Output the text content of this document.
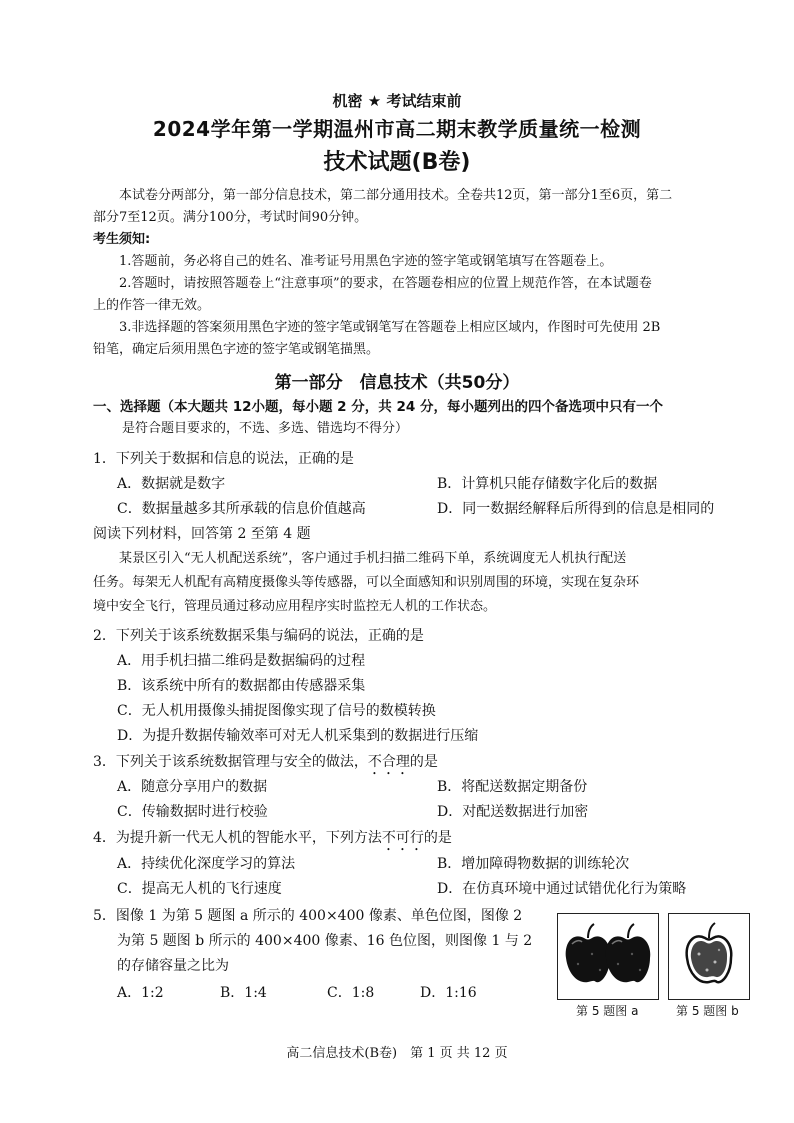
机密 ★ 考试结束前
2024学年第一学期温州市高二期末教学质量统一检测
技术试题(B卷)
本试卷分两部分，第一部分信息技术，第二部分通用技术。全卷共12页，第一部分1至6页，第二
部分7至12页。满分100分，考试时间90分钟。
考生须知:
1.答题前，务必将自己的姓名、准考证号用黑色字迹的签字笔或钢笔填写在答题卷上。
2.答题时，请按照答题卷上“注意事项”的要求，在答题卷相应的位置上规范作答，在本试题卷
上的作答一律无效。
3.非选择题的答案须用黑色字迹的签字笔或钢笔写在答题卷上相应区域内，作图时可先使用 2B
铅笔，确定后须用黑色字迹的签字笔或钢笔描黑。
第一部分　信息技术（共50分）
一、选择题（本大题共 12小题，每小题 2 分，共 24 分，每小题列出的四个备选项中只有一个
是符合题目要求的，不选、多选、错选均不得分）
1．下列关于数据和信息的说法，正确的是
A．数据就是数字	B．计算机只能存储数字化后的数据
C．数据量越多其所承载的信息价值越高	D．同一数据经解释后所得到的信息是相同的
阅读下列材料，回答第 2 至第 4 题
某景区引入“无人机配送系统”，客户通过手机扫描二维码下单，系统调度无人机执行配送
任务。每架无人机配有高精度摄像头等传感器，可以全面感知和识别周围的环境，实现在复杂环
境中安全飞行，管理员通过移动应用程序实时监控无人机的工作状态。
2．下列关于该系统数据采集与编码的说法，正确的是
A．用手机扫描二维码是数据编码的过程
B．该系统中所有的数据都由传感器采集
C．无人机用摄像头捕捉图像实现了信号的数模转换
D．为提升数据传输效率可对无人机采集到的数据进行压缩
3．下列关于该系统数据管理与安全的做法，不合理的是
A．随意分享用户的数据	B．将配送数据定期备份
C．传输数据时进行校验	D．对配送数据进行加密
4．为提升新一代无人机的智能水平，下列方法不可行的是
A．持续优化深度学习的算法	B．增加障碍物数据的训练轮次
C．提高无人机的飞行速度	D．在仿真环境中通过试错优化行为策略
5．图像 1 为第 5 题图 a 所示的 400×400 像素、单色位图，图像 2
为第 5 题图 b 所示的 400×400 像素、16 色位图，则图像 1 与 2
的存储容量之比为
A．1:2	B．1:4	C．1:8	D．1:16
第 5 题图 a	第 5 题图 b
高二信息技术(B卷)　第 1 页 共 12 页
